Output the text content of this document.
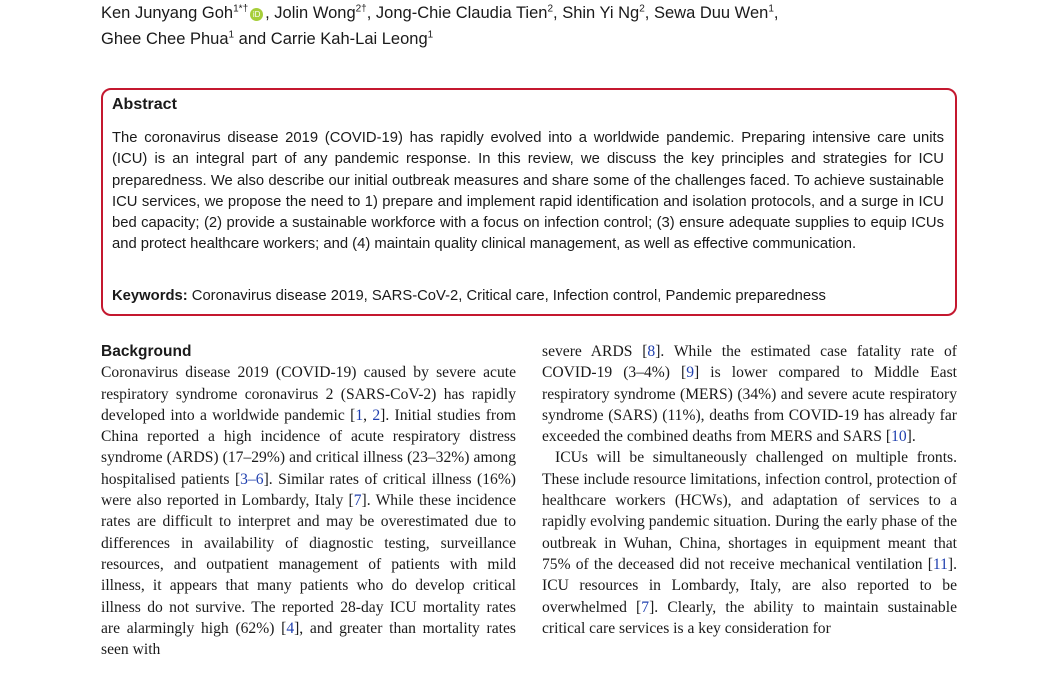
Ken Junyang Goh$^{1*\dagger}$ iD , Jolin Wong$^{2\dagger}$, Jong-Chie Claudia Tien$^2$, Shin Yi Ng$^2$, Sewa Duu Wen$^1$,
Ghee Chee Phua$^1$ and Carrie Kah-Lai Leong$^1$
Abstract

The coronavirus disease 2019 (COVID-19) has rapidly evolved into a worldwide pandemic. Preparing intensive care units (ICU) is an integral part of any pandemic response. In this review, we discuss the key principles and strategies for ICU preparedness. We also describe our initial outbreak measures and share some of the challenges faced. To achieve sustainable ICU services, we propose the need to 1) prepare and implement rapid identification and isolation protocols, and a surge in ICU bed capacity; (2) provide a sustainable workforce with a focus on infection control; (3) ensure adequate supplies to equip ICUs and protect healthcare workers; and (4) maintain quality clinical management, as well as effective communication.

Keywords: Coronavirus disease 2019, SARS-CoV-2, Critical care, Infection control, Pandemic preparedness
Background

Coronavirus disease 2019 (COVID-19) caused by severe acute respiratory syndrome coronavirus 2 (SARS-CoV-2) has rapidly developed into a worldwide pandemic [1, 2]. Initial studies from China reported a high incidence of acute respiratory distress syndrome (ARDS) (17–29%) and critical illness (23–32%) among hospitalised patients [3–6]. Similar rates of critical illness (16%) were also reported in Lombardy, Italy [7]. While these incidence rates are difficult to interpret and may be overestimated due to differences in availability of diagnostic testing, surveillance resources, and outpatient management of patients with mild illness, it appears that many patients who do develop critical illness do not survive. The reported 28-day ICU mortality rates are alarmingly high (62%) [4], and greater than mortality rates seen with

severe ARDS [8]. While the estimated case fatality rate of COVID-19 (3–4%) [9] is lower compared to Middle East respiratory syndrome (MERS) (34%) and severe acute respiratory syndrome (SARS) (11%), deaths from COVID-19 has already far exceeded the combined deaths from MERS and SARS [10].

ICUs will be simultaneously challenged on multiple fronts. These include resource limitations, infection control, protection of healthcare workers (HCWs), and adaptation of services to a rapidly evolving pandemic situation. During the early phase of the outbreak in Wuhan, China, shortages in equipment meant that 75% of the deceased did not receive mechanical ventilation [11]. ICU resources in Lombardy, Italy, are also reported to be overwhelmed [7]. Clearly, the ability to maintain sustainable critical care services is a key consideration for
